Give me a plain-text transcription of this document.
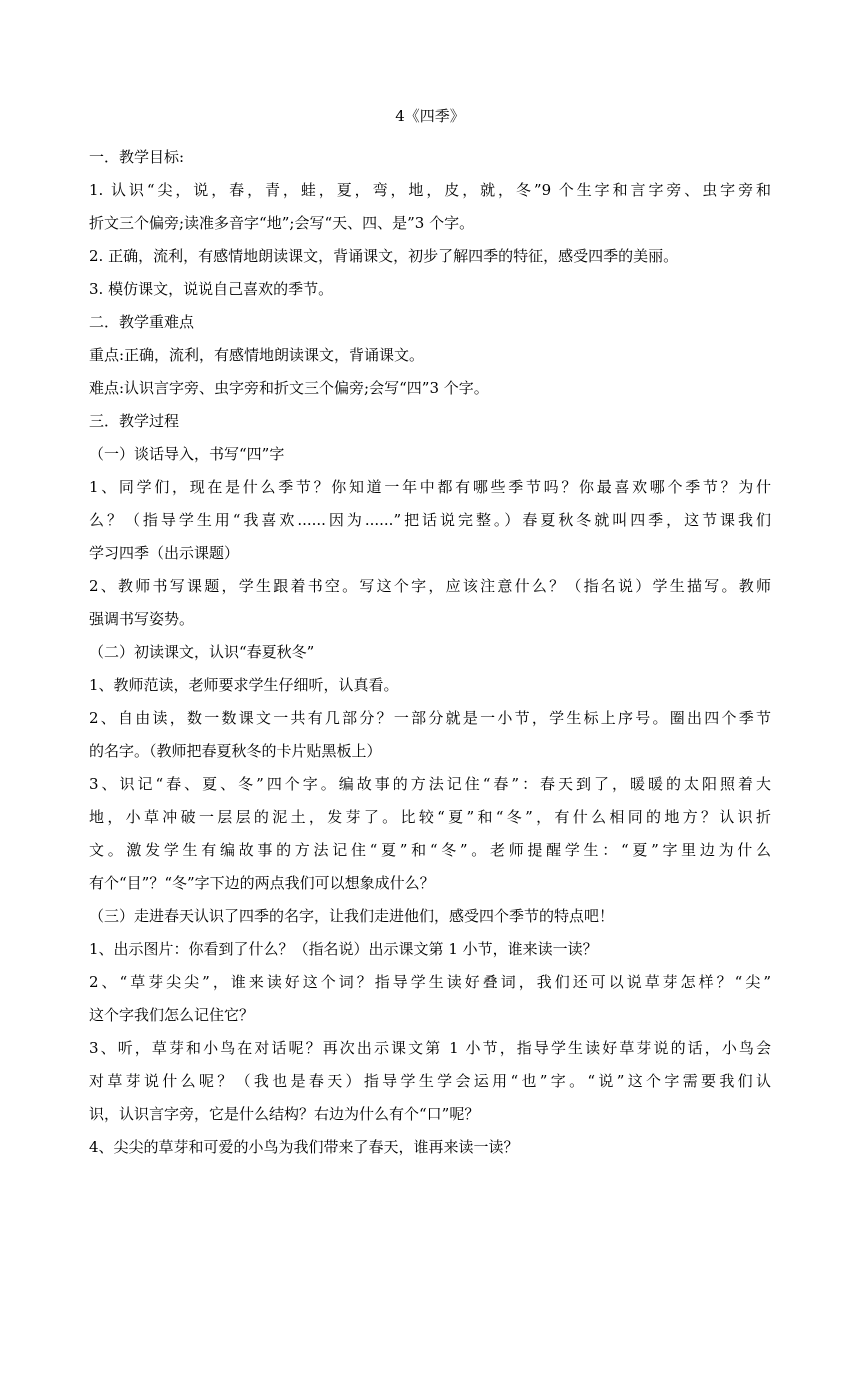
4《四季》
一．教学目标:
1. 认识“尖，说，春，青，蛙，夏，弯，地，皮，就，冬”9 个生字和言字旁、虫字旁和
折文三个偏旁;读准多音字“地”;会写“天、四、是”3 个字。
2. 正确，流利，有感情地朗读课文，背诵课文，初步了解四季的特征，感受四季的美丽。
3. 模仿课文，说说自己喜欢的季节。
二．教学重难点
重点:正确，流利，有感情地朗读课文，背诵课文。
难点:认识言字旁、虫字旁和折文三个偏旁;会写“四”3 个字。
三．教学过程
（一）谈话导入，书写“四”字
1、同学们，现在是什么季节？你知道一年中都有哪些季节吗？你最喜欢哪个季节？为什
么？（指导学生用“我喜欢......因为......”把话说完整。）春夏秋冬就叫四季，这节课我们
学习四季（出示课题）
2、教师书写课题，学生跟着书空。写这个字，应该注意什么？（指名说）学生描写。教师
强调书写姿势。
（二）初读课文，认识“春夏秋冬”
1、教师范读，老师要求学生仔细听，认真看。
2、自由读，数一数课文一共有几部分？一部分就是一小节，学生标上序号。圈出四个季节
的名字。（教师把春夏秋冬的卡片贴黑板上）
3、识记“春、夏、冬”四个字。编故事的方法记住“春”：春天到了，暖暖的太阳照着大
地，小草冲破一层层的泥土，发芽了。比较“夏”和“冬”，有什么相同的地方？认识折
文。激发学生有编故事的方法记住“夏”和“冬”。老师提醒学生：“夏”字里边为什么
有个“目”？“冬”字下边的两点我们可以想象成什么？
（三）走进春天认识了四季的名字，让我们走进他们，感受四个季节的特点吧！
1、出示图片：你看到了什么？（指名说）出示课文第 1 小节，谁来读一读？
2、“草芽尖尖”，谁来读好这个词？指导学生读好叠词，我们还可以说草芽怎样？“尖”
这个字我们怎么记住它？
3、听，草芽和小鸟在对话呢？再次出示课文第 1 小节，指导学生读好草芽说的话，小鸟会
对草芽说什么呢？（我也是春天）指导学生学会运用“也”字。“说”这个字需要我们认
识，认识言字旁，它是什么结构？右边为什么有个“口”呢？
4、尖尖的草芽和可爱的小鸟为我们带来了春天，谁再来读一读？
